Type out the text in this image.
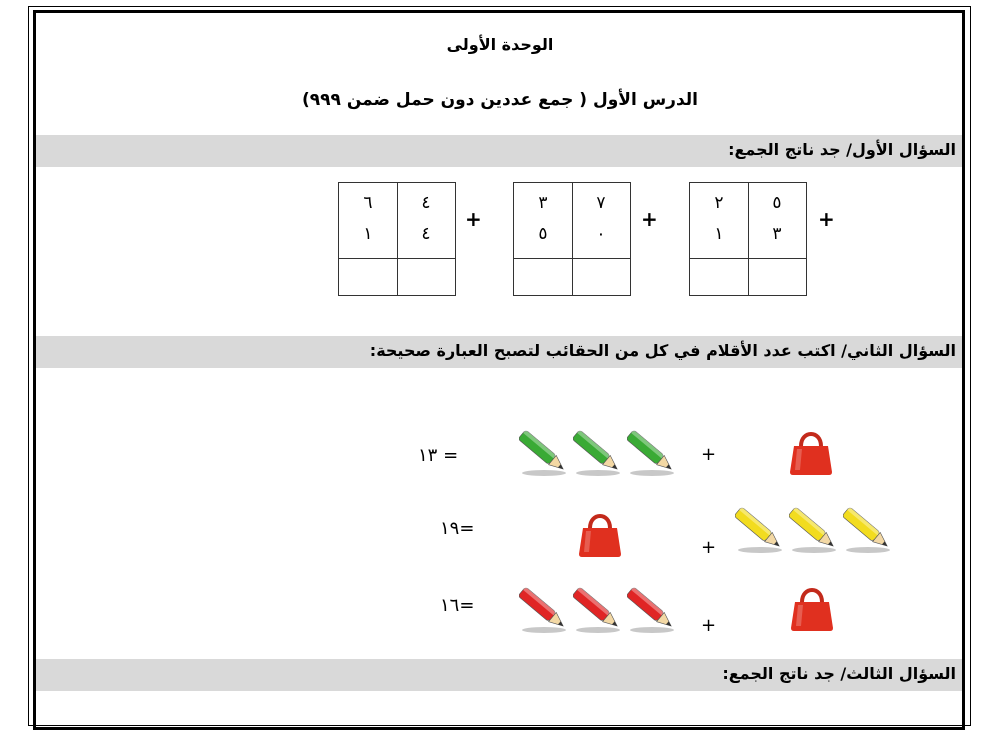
الوحدة الأولى
الدرس الأول ( جمع عددين دون حمل ضمن ٩٩٩)
السؤال الأول/ جد ناتج الجمع:
+
٢	٥
١	٣
+
٣	٧
٥	٠
+
٦	٤
١	٤
السؤال الثاني/ اكتب عدد الأقلام في كل من الحقائب لتصبح العبارة صحيحة:
١٣ =	+
١٩=
+
١٦=
+
السؤال الثالث/ جد ناتج الجمع:
